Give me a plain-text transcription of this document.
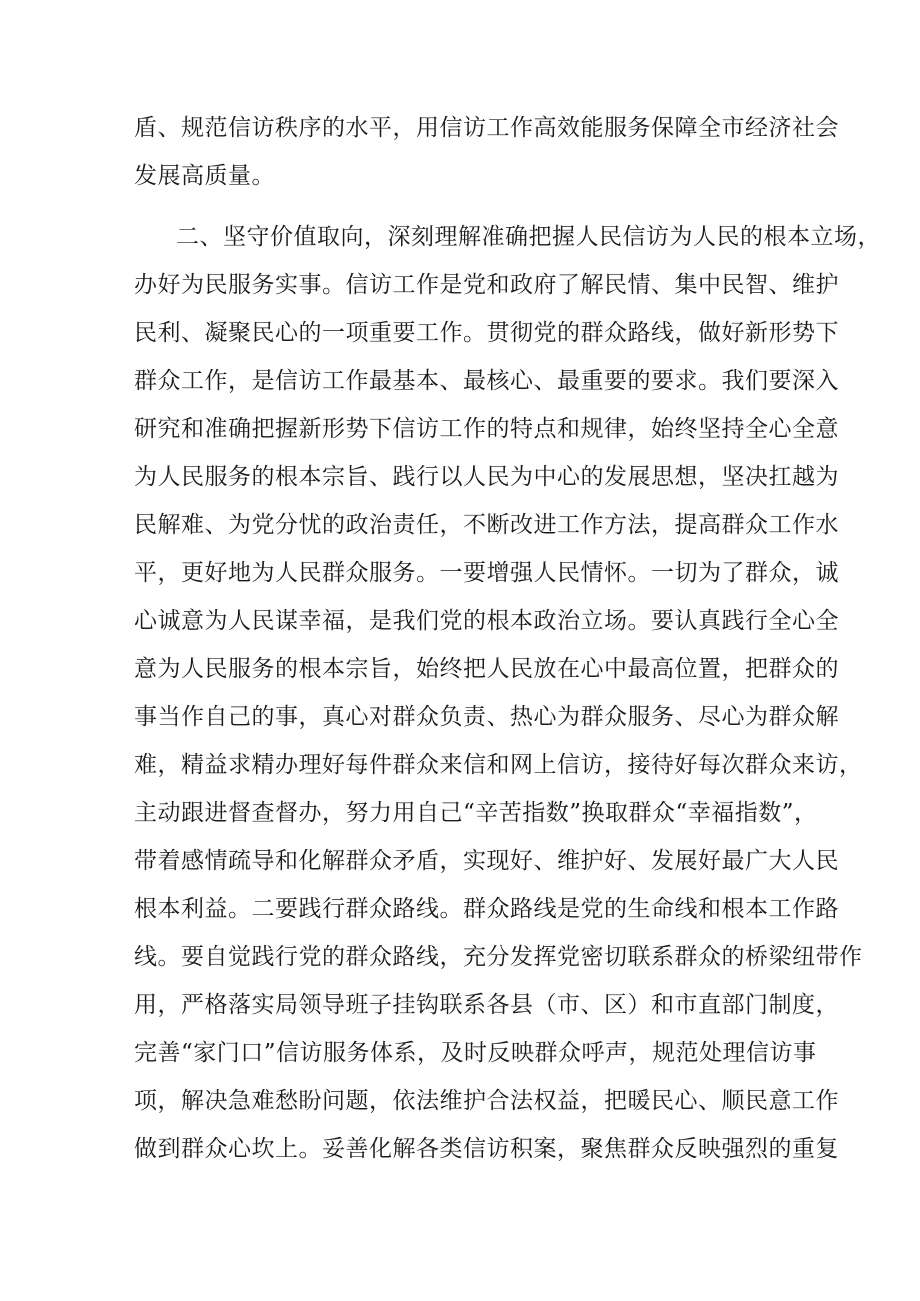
盾、规范信访秩序的水平，用信访工作高效能服务保障全市经济社会
发展高质量。
二、坚守价值取向，深刻理解准确把握人民信访为人民的根本立场，
办好为民服务实事。信访工作是党和政府了解民情、集中民智、维护
民利、凝聚民心的一项重要工作。贯彻党的群众路线，做好新形势下
群众工作，是信访工作最基本、最核心、最重要的要求。我们要深入
研究和准确把握新形势下信访工作的特点和规律，始终坚持全心全意
为人民服务的根本宗旨、践行以人民为中心的发展思想，坚决扛越为
民解难、为党分忧的政治责任，不断改进工作方法，提高群众工作水
平，更好地为人民群众服务。一要增强人民情怀。一切为了群众，诚
心诚意为人民谋幸福，是我们党的根本政治立场。要认真践行全心全
意为人民服务的根本宗旨，始终把人民放在心中最高位置，把群众的
事当作自己的事，真心对群众负责、热心为群众服务、尽心为群众解
难，精益求精办理好每件群众来信和网上信访，接待好每次群众来访，
主动跟进督查督办，努力用自己“辛苦指数”换取群众“幸福指数”，
带着感情疏导和化解群众矛盾，实现好、维护好、发展好最广大人民
根本利益。二要践行群众路线。群众路线是党的生命线和根本工作路
线。要自觉践行党的群众路线，充分发挥党密切联系群众的桥梁纽带作
用，严格落实局领导班子挂钩联系各县（市、区）和市直部门制度，
完善“家门口”信访服务体系，及时反映群众呼声，规范处理信访事
项，解决急难愁盼问题，依法维护合法权益，把暖民心、顺民意工作
做到群众心坎上。妥善化解各类信访积案，聚焦群众反映强烈的重复
